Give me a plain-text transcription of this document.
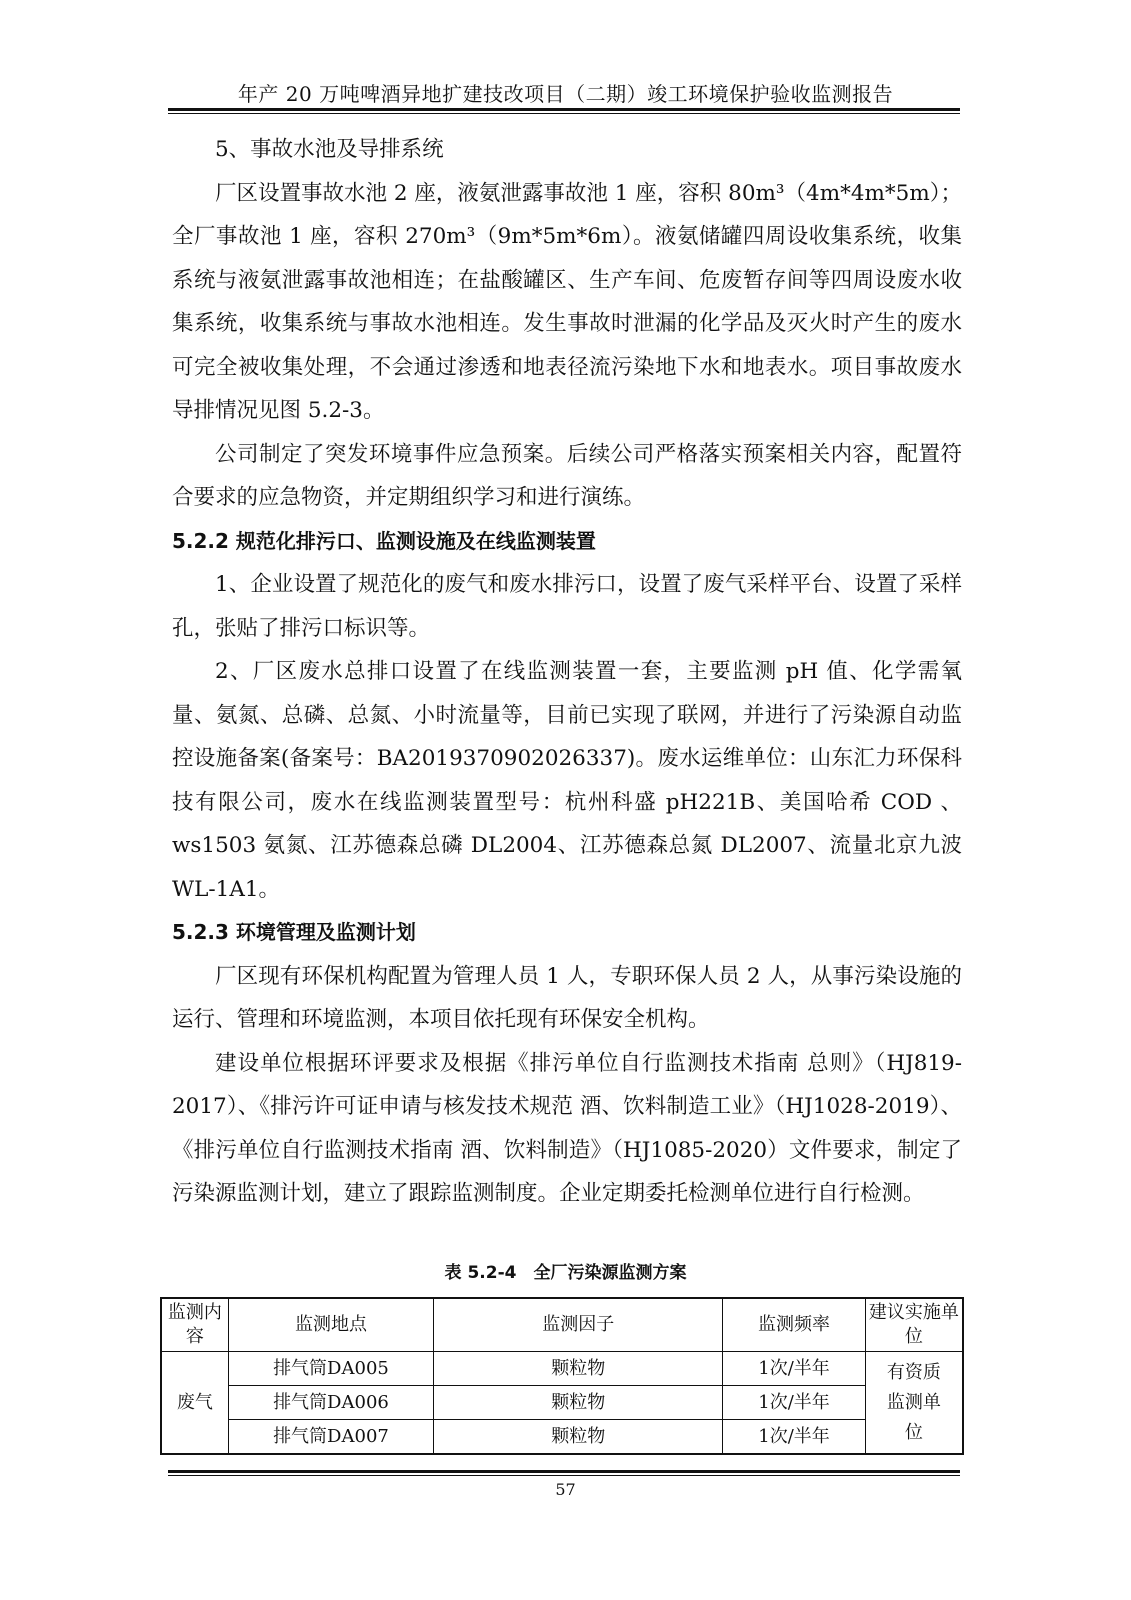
年产 20 万吨啤酒异地扩建技改项目（二期）竣工环境保护验收监测报告

5、事故水池及导排系统

厂区设置事故水池 2 座，液氨泄露事故池 1 座，容积 80m³（4m*4m*5m）；全厂事故池 1 座，容积 270m³（9m*5m*6m）。液氨储罐四周设收集系统，收集系统与液氨泄露事故池相连；在盐酸罐区、生产车间、危废暂存间等四周设废水收集系统，收集系统与事故水池相连。发生事故时泄漏的化学品及灭火时产生的废水可完全被收集处理，不会通过渗透和地表径流污染地下水和地表水。项目事故废水导排情况见图 5.2-3。

公司制定了突发环境事件应急预案。后续公司严格落实预案相关内容，配置符合要求的应急物资，并定期组织学习和进行演练。

5.2.2 规范化排污口、监测设施及在线监测装置

1、企业设置了规范化的废气和废水排污口，设置了废气采样平台、设置了采样孔，张贴了排污口标识等。

2、厂区废水总排口设置了在线监测装置一套，主要监测 pH 值、化学需氧量、氨氮、总磷、总氮、小时流量等，目前已实现了联网，并进行了污染源自动监控设施备案(备案号：BA2019370902026337)。废水运维单位：山东汇力环保科技有限公司，废水在线监测装置型号：杭州科盛 pH221B、美国哈希 COD 、ws1503 氨氮、江苏德森总磷 DL2004、江苏德森总氮 DL2007、流量北京九波 WL-1A1。

5.2.3 环境管理及监测计划

厂区现有环保机构配置为管理人员 1 人，专职环保人员 2 人，从事污染设施的运行、管理和环境监测，本项目依托现有环保安全机构。

建设单位根据环评要求及根据《排污单位自行监测技术指南 总则》（HJ819-2017）、《排污许可证申请与核发技术规范 酒、饮料制造工业》（HJ1028-2019）、《排污单位自行监测技术指南 酒、饮料制造》（HJ1085-2020）文件要求，制定了污染源监测计划，建立了跟踪监测制度。企业定期委托检测单位进行自行检测。

表 5.2-4　全厂污染源监测方案
监测内容	监测地点	监测因子	监测频率	建议实施单位
废气	排气筒DA005	颗粒物	1次/半年	有资质监测单位
	排气筒DA006	颗粒物	1次/半年	
	排气筒DA007	颗粒物	1次/半年	
57
